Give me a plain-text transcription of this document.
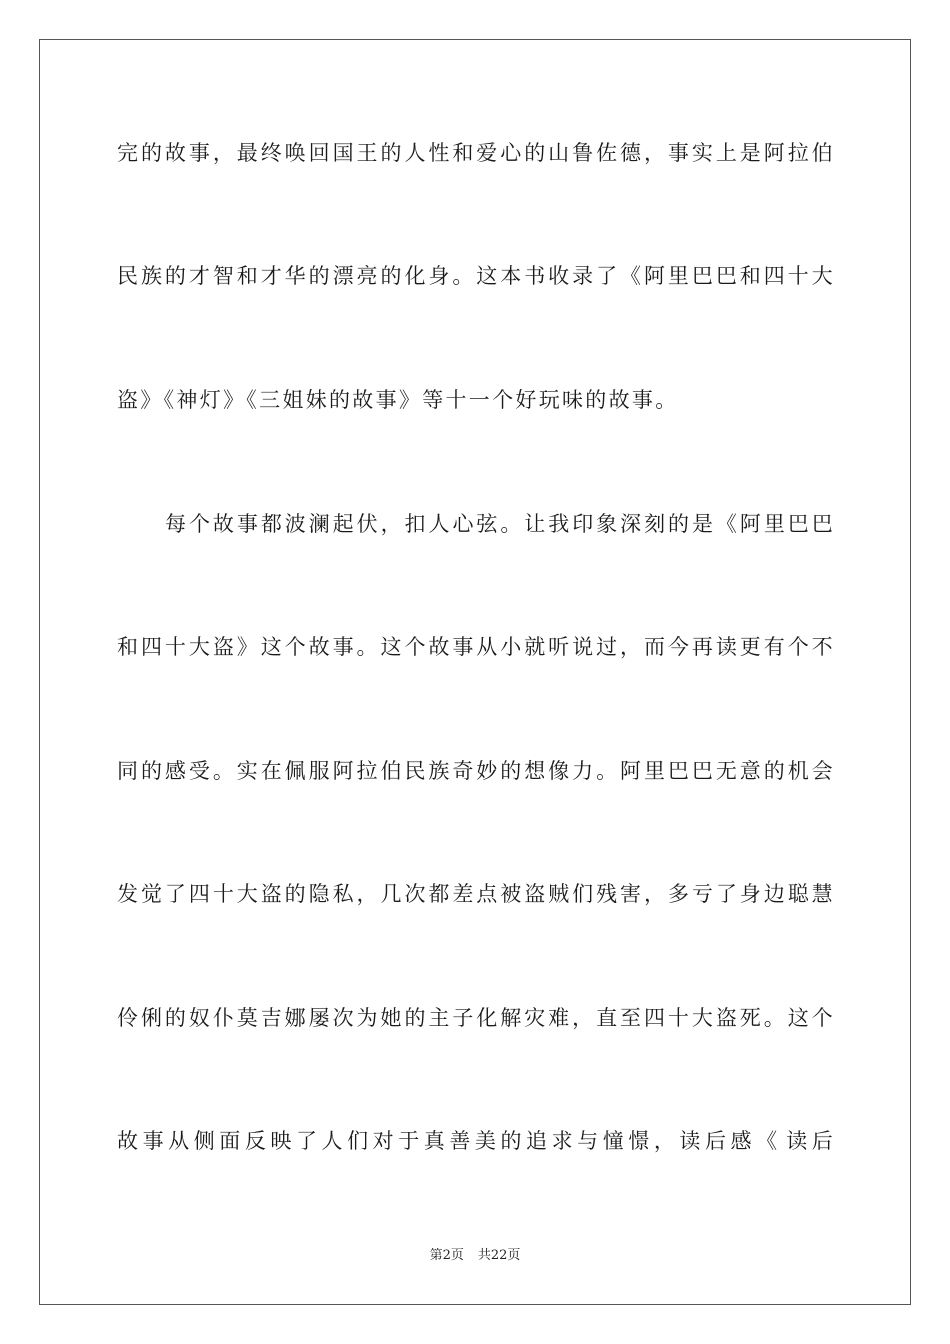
完 的 故 事 ， 最 终 唤 回 国 王 的 人 性 和 爱 心 的 山 鲁 佐 德 ， 事 实 上 是 阿 拉 伯
民 族 的 才 智 和 才 华 的 漂 亮 的 化 身 。 这 本 书 收 录 了 《 阿 里 巴 巴 和 四 十 大
盗》《神灯》《三姐妹的故事》等十一个好玩味的故事。
每 个 故 事 都 波 澜 起 伏 ， 扣 人 心 弦 。 让 我 印 象 深 刻 的 是 《 阿 里 巴 巴
和 四 十 大 盗 》 这 个 故 事 。 这 个 故 事 从 小 就 听 说 过 ， 而 今 再 读 更 有 个 不
同 的 感 受 。 实 在 佩 服 阿 拉 伯 民 族 奇 妙 的 想 像 力 。 阿 里 巴 巴 无 意 的 机 会
发 觉 了 四 十 大 盗 的 隐 私 ， 几 次 都 差 点 被 盗 贼 们 残 害 ， 多 亏 了 身 边 聪 慧
伶 俐 的 奴 仆 莫 吉 娜 屡 次 为 她 的 主 子 化 解 灾 难 ， 直 至 四 十 大 盗 死 。 这 个
故 事 从 侧 面 反 映 了 人 们 对 于 真 善 美 的 追 求 与 憧 憬 ， 读 后 感 《 读 后
第2页 共22页
